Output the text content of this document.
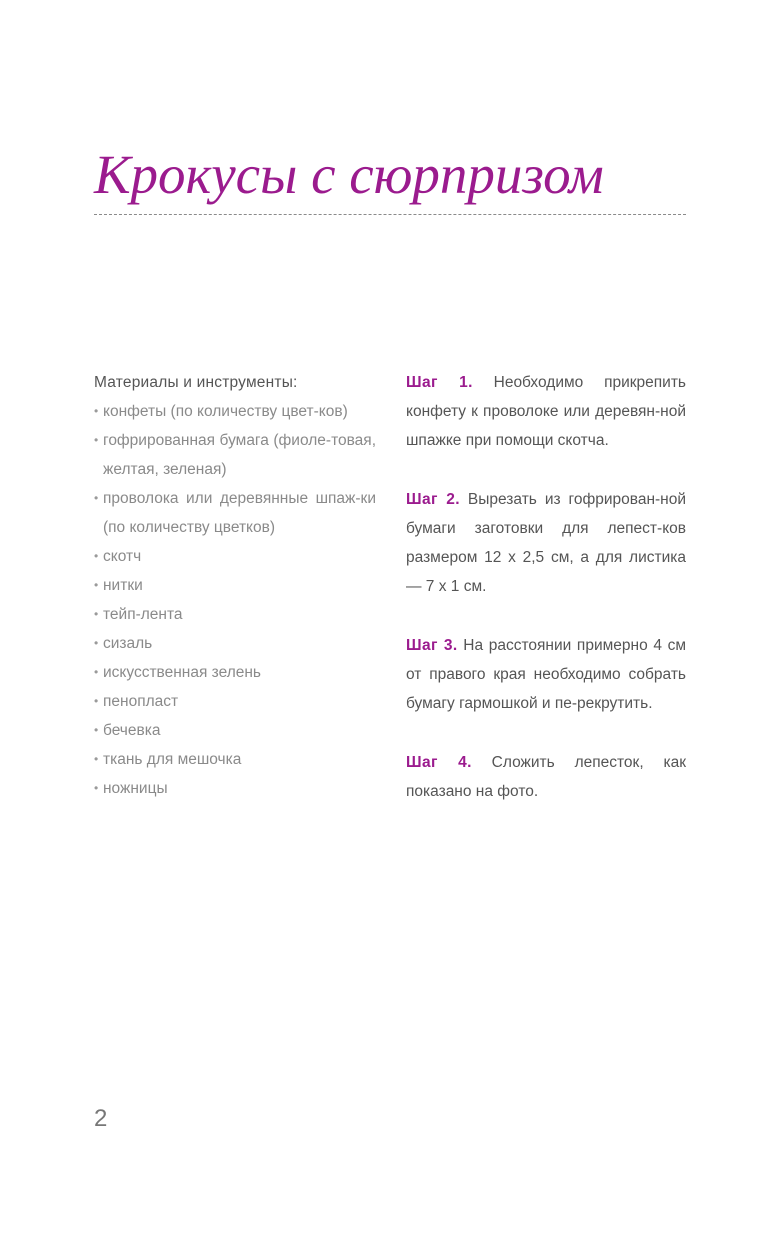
Крокусы с сюрпризом

Материалы и инструменты:

• конфеты (по количеству цвет-ков)
• гофрированная бумага (фиоле-товая, желтая, зеленая)
• проволока или деревянные шпаж-ки (по количеству цветков)
• скотч
• нитки
• тейп-лента
• сизаль
• искусственная зелень
• пенопласт
• бечевка
• ткань для мешочка
• ножницы

Шаг 1. Необходимо прикрепить конфету к проволоке или деревян-ной шпажке при помощи скотча.

Шаг 2. Вырезать из гофрирован-ной бумаги заготовки для лепест-ков размером 12 х 2,5 см, а для листика — 7 х 1 см.

Шаг 3. На расстоянии примерно 4 см от правого края необходимо собрать бумагу гармошкой и пе-рекрутить.

Шаг 4. Сложить лепесток, как показано на фото.

2
